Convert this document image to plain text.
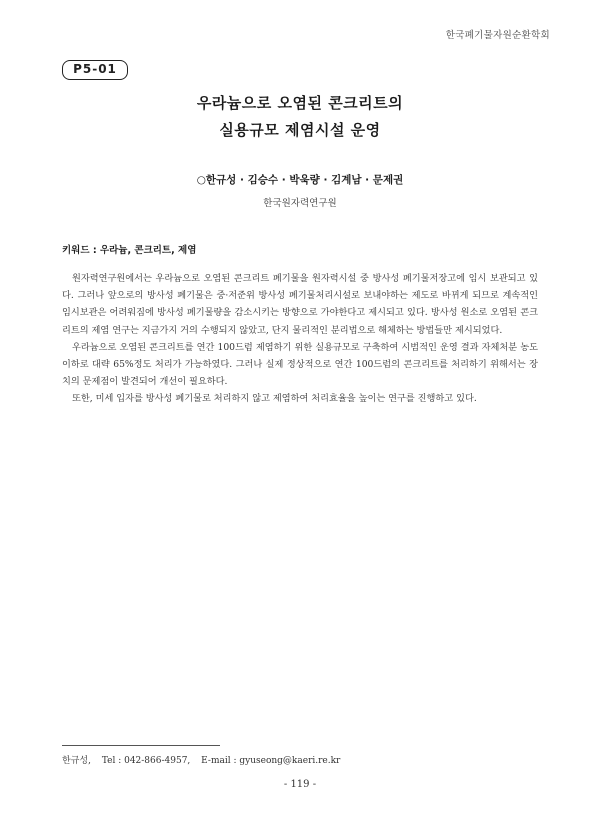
한국폐기물자원순환학회
P5-01
우라늄으로 오염된 콘크리트의
실용규모 제염시설 운영
○한규성 · 김승수 · 박욱량 · 김계남 · 문제권
한국원자력연구원
키워드 : 우라늄, 콘크리트, 제염

원자력연구원에서는 우라늄으로 오염된 콘크리트 폐기물을 원자력시설 중 방사성 폐기물저장고에 임시 보관되고 있다. 그러나 앞으로의 방사성 폐기물은 중·저준위 방사성 폐기물처리시설로 보내야하는 제도로 바뀌게 되므로 계속적인 임시보관은 어려워짐에 방사성 폐기물량을 감소시키는 방향으로 가야한다고 제시되고 있다. 방사성 원소로 오염된 콘크리트의 제염 연구는 지금가지 거의 수행되지 않았고, 단지 물리적인 분리법으로 해체하는 방법들만 제시되었다.

우라늄으로 오염된 콘크리트를 연간 100드럼 제염하기 위한 실용규모로 구축하여 시범적인 운영 결과 자체처분 농도 이하로 대략 65%정도 처리가 가능하였다. 그러나 실제 정상적으로 연간 100드럼의 콘크리트를 처리하기 위해서는 장치의 문제점이 발견되어 개선이 필요하다.

또한, 미세 입자를 방사성 폐기물로 처리하지 않고 제염하여 처리효율을 높이는 연구를 진행하고 있다.

한규성, Tel : 042-866-4957, E-mail : gyuseong@kaeri.re.kr
- 119 -
